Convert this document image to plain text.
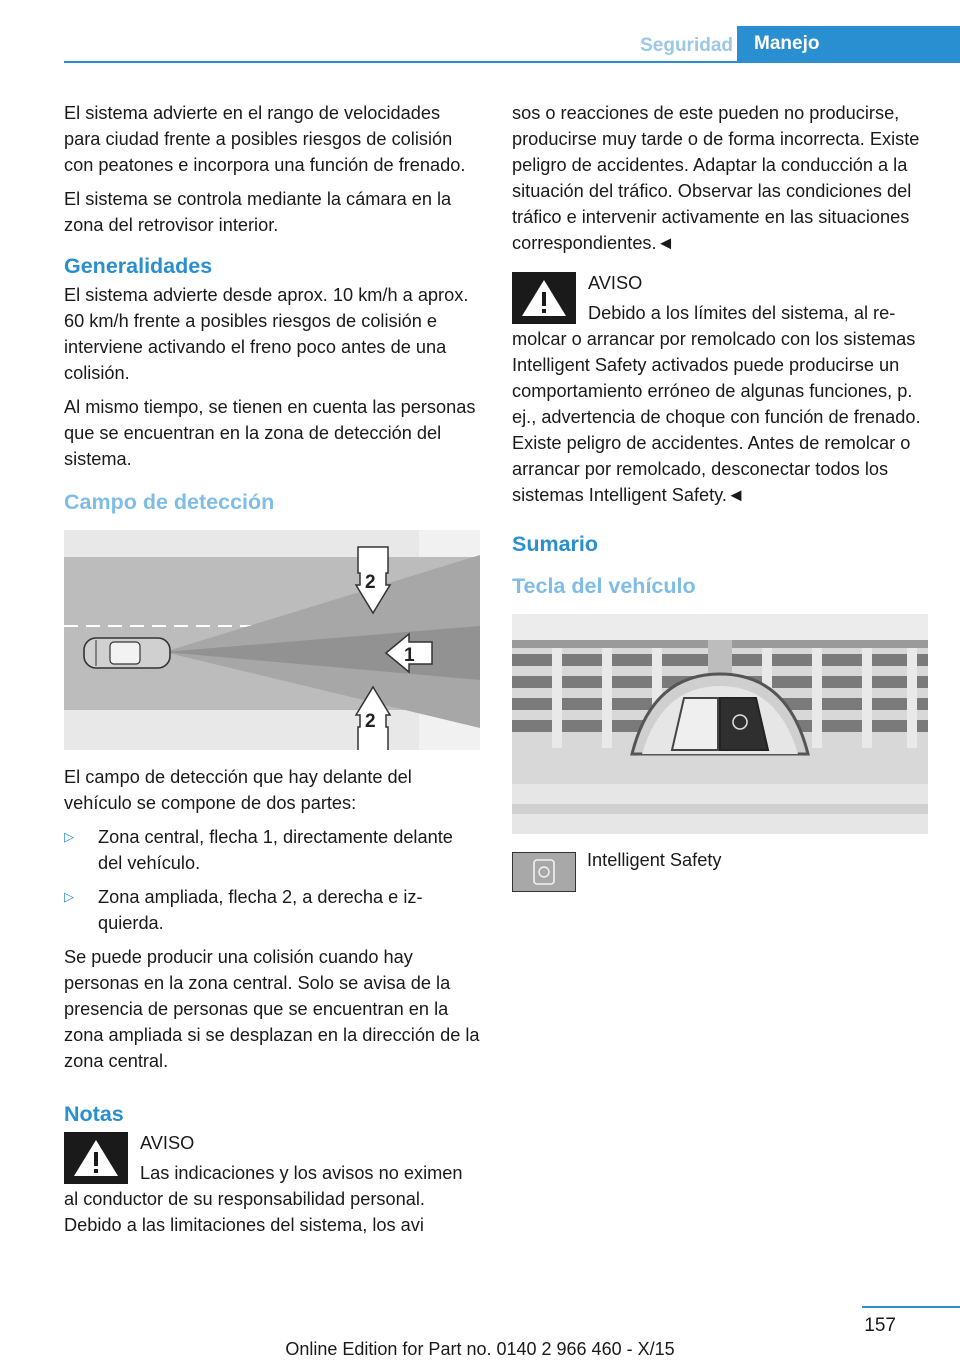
Seguridad	Manejo

El sistema advierte en el rango de velocidades para ciudad frente a posibles riesgos de colisión con peatones e incorpora una función de frenado.

El sistema se controla mediante la cámara en la zona del retrovisor interior.

Generalidades

El sistema advierte desde aprox. 10 km/h a aprox. 60 km/h frente a posibles riesgos de colisión e interviene activando el freno poco antes de una colisión.

Al mismo tiempo, se tienen en cuenta las personas que se encuentran en la zona de detección del sistema.

Campo de detección
2
1
2

El campo de detección que hay delante del vehículo se compone de dos partes:

▷ Zona central, flecha 1, directamente delante del vehículo.
▷ Zona ampliada, flecha 2, a derecha e izquierda.

Se puede producir una colisión cuando hay personas en la zona central. Solo se avisa de la presencia de personas que se encuentran en la zona ampliada si se desplazan en la dirección de la zona central.

Notas
AVISO
Las indicaciones y los avisos no eximen al conductor de su responsabilidad personal. Debido a las limitaciones del sistema, los avi

sos o reacciones de este pueden no producirse, producirse muy tarde o de forma incorrecta. Existe peligro de accidentes. Adaptar la conducción a la situación del tráfico. Observar las condiciones del tráfico e intervenir activamente en las situaciones correspondientes.◄

AVISO
Debido a los límites del sistema, al remolcar o arrancar por remolcado con los sistemas Intelligent Safety activados puede producirse un comportamiento erróneo de algunas funciones, p. ej., advertencia de choque con función de frenado. Existe peligro de accidentes. Antes de remolcar o arrancar por remolcado, desconectar todos los sistemas Intelligent Safety.◄
Sumario
Tecla del vehículo
Intelligent Safety
157
Online Edition for Part no. 0140 2 966 460 - X/15
